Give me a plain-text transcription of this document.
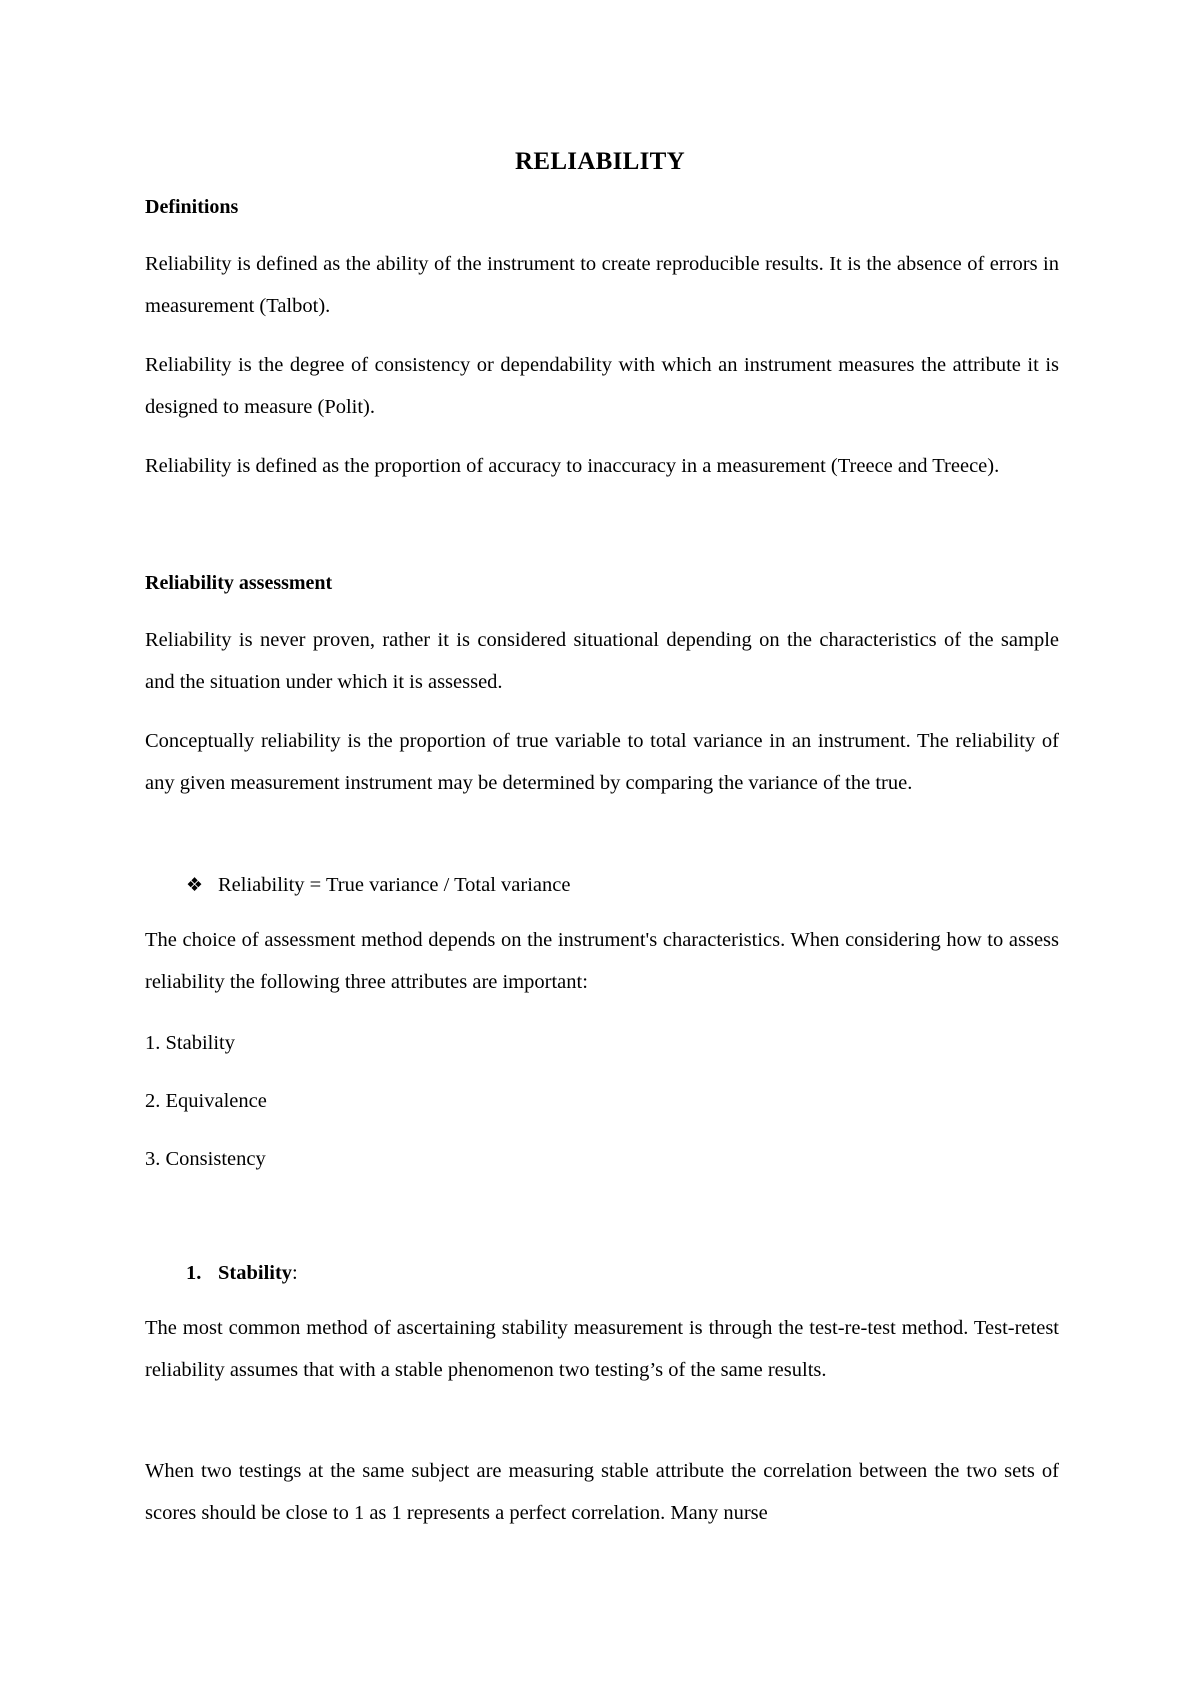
RELIABILITY
Definitions
Reliability is defined as the ability of the instrument to create reproducible results. It is the absence of errors in measurement (Talbot).
Reliability is the degree of consistency or dependability with which an instrument measures the attribute it is designed to measure (Polit).
Reliability is defined as the proportion of accuracy to inaccuracy in a measurement (Treece and Treece).
Reliability assessment
Reliability is never proven, rather it is considered situational depending on the characteristics of the sample and the situation under which it is assessed.
Conceptually reliability is the proportion of true variable to total variance in an instrument. The reliability of any given measurement instrument may be determined by comparing the variance of the true.
❖ Reliability = True variance / Total variance
The choice of assessment method depends on the instrument's characteristics. When considering how to assess reliability the following three attributes are important:
1. Stability
2. Equivalence
3. Consistency
1. Stability:
The most common method of ascertaining stability measurement is through the test-re-test method. Test-retest reliability assumes that with a stable phenomenon two testing’s of the same results.
When two testings at the same subject are measuring stable attribute the correlation between the two sets of scores should be close to 1 as 1 represents a perfect correlation. Many nurse
